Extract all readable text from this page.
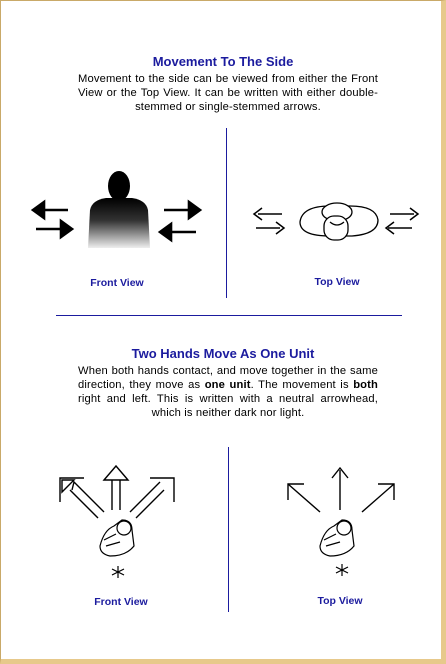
Movement To The Side
Movement to the side can be viewed from either the Front View or the Top View. It can be written with either double-stemmed or single-stemmed arrows.
Front View	Top View
Two Hands Move As One Unit
When both hands contact, and move together in the same direction, they move as one unit. The movement is both right and left. This is written with a neutral arrowhead, which is neither dark nor light.
Front View	Top View
